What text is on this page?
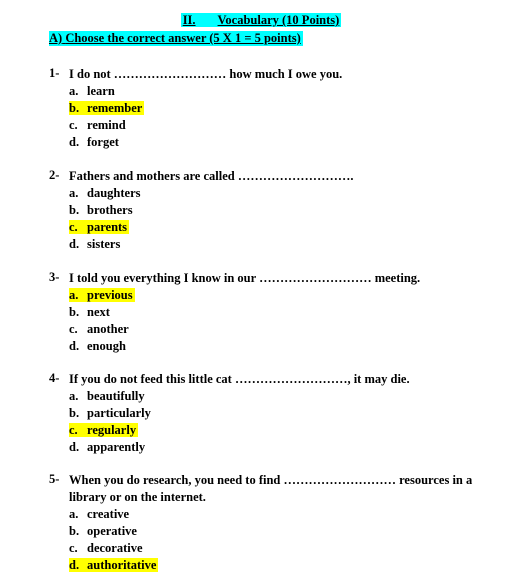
II. Vocabulary (10 Points)
A) Choose the correct answer (5 X 1 = 5 points)
1- I do not ……………………… how much I owe you.
a. learn
b. remember
c. remind
d. forget
2- Fathers and mothers are called ……………………….
a. daughters
b. brothers
c. parents
d. sisters
3- I told you everything I know in our ……………………… meeting.
a. previous
b. next
c. another
d. enough
4- If you do not feed this little cat ………………………, it may die.
a. beautifully
b. particularly
c. regularly
d. apparently
5- When you do research, you need to find ……………………… resources in a library or on the internet.
a. creative
b. operative
c. decorative
d. authoritative
